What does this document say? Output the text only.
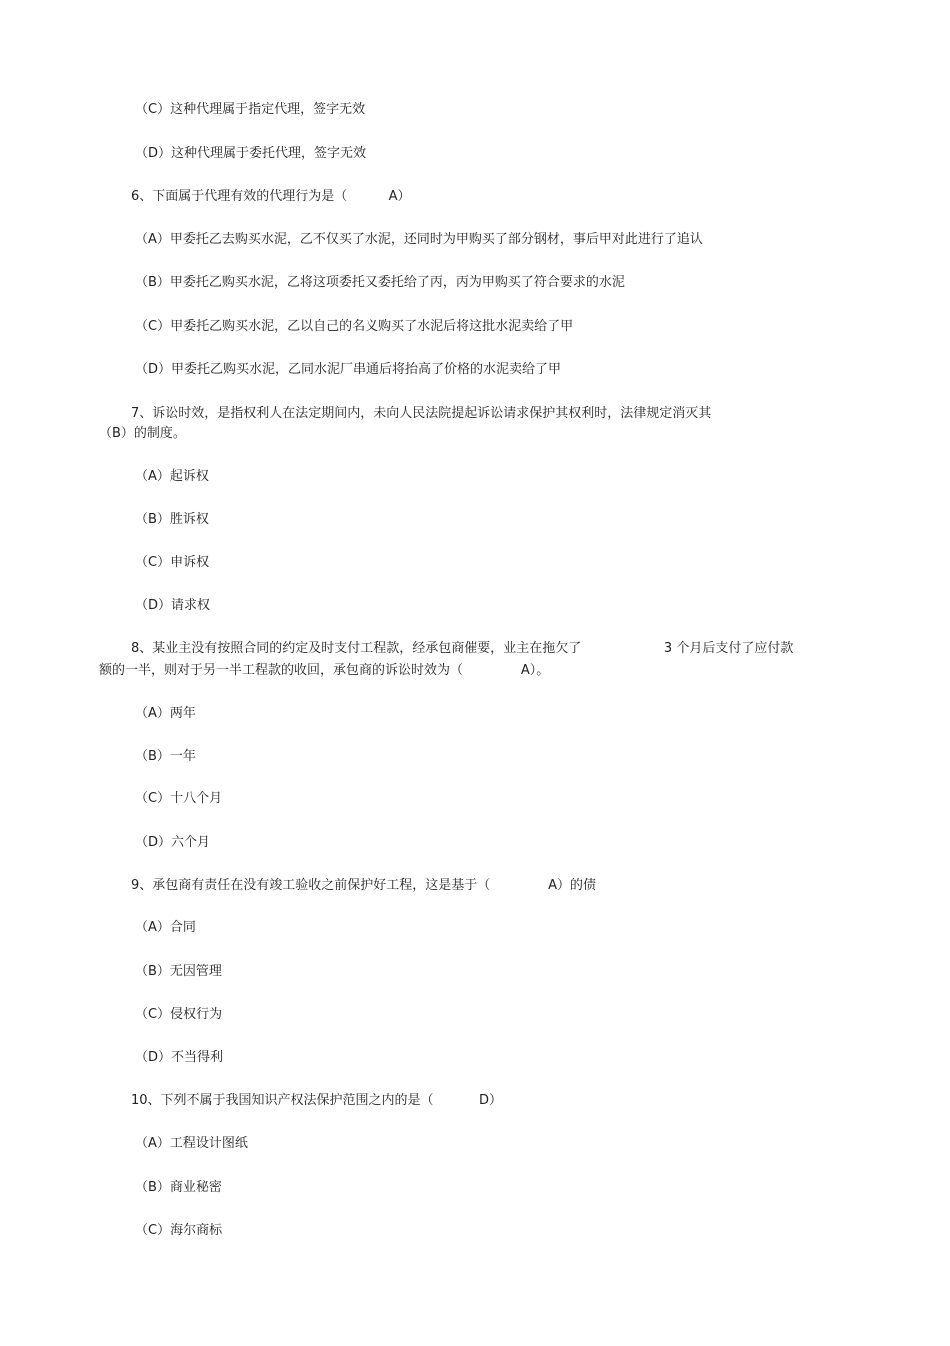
（C）这种代理属于指定代理，签字无效
（D）这种代理属于委托代理，签字无效
6、下面属于代理有效的代理行为是（          A）
（A）甲委托乙去购买水泥，乙不仅买了水泥，还同时为甲购买了部分钢材，事后甲对此进行了追认
（B）甲委托乙购买水泥，乙将这项委托又委托给了丙，丙为甲购买了符合要求的水泥
（C）甲委托乙购买水泥，乙以自己的名义购买了水泥后将这批水泥卖给了甲
（D）甲委托乙购买水泥，乙同水泥厂串通后将抬高了价格的水泥卖给了甲
7、诉讼时效，是指权利人在法定期间内，未向人民法院提起诉讼请求保护其权利时，法律规定消灭其
（B）的制度。
（A）起诉权
（B）胜诉权
（C）申诉权
（D）请求权
8、某业主没有按照合同的约定及时支付工程款，经承包商催要，业主在拖欠了                    3 个月后支付了应付款
额的一半，则对于另一半工程款的收回，承包商的诉讼时效为（              A）。
（A）两年
（B）一年
（C）十八个月
（D）六个月
9、承包商有责任在没有竣工验收之前保护好工程，这是基于（              A）的债
（A）合同
（B）无因管理
（C）侵权行为
（D）不当得利
10、下列不属于我国知识产权法保护范围之内的是（           D）
（A）工程设计图纸
（B）商业秘密
（C）海尔商标
